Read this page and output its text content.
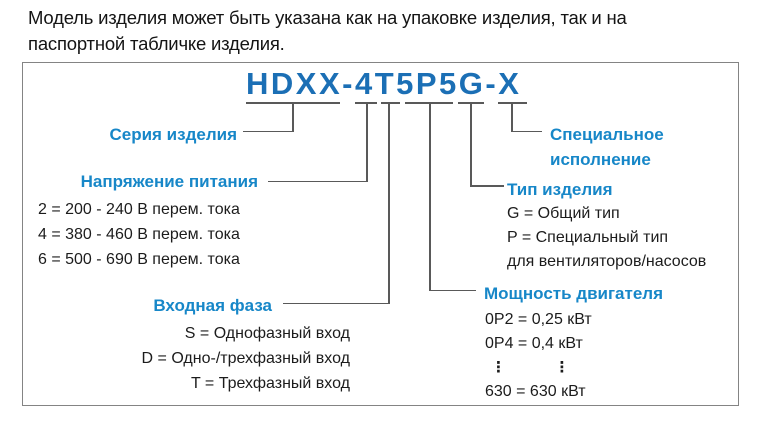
Модель изделия может быть указана как на упаковке изделия, так и на
паспортной табличке изделия.
HDXX-4T5P5G-X
Серия изделия
Напряжение питания
Входная фаза
2 = 200 - 240 В перем. тока
4 = 380 - 460 В перем. тока
6 = 500 - 690 В перем. тока
S = Однофазный вход
D = Одно-/трехфазный вход
T = Трехфазный вход
Специальное исполнение
Тип изделия
Мощность двигателя
G = Общий тип
P = Специальный тип
для вентиляторов/насосов
0P2 = 0,25 кВт
0P4 = 0,4 кВт
⋮	⋮
630 = 630 кВт
